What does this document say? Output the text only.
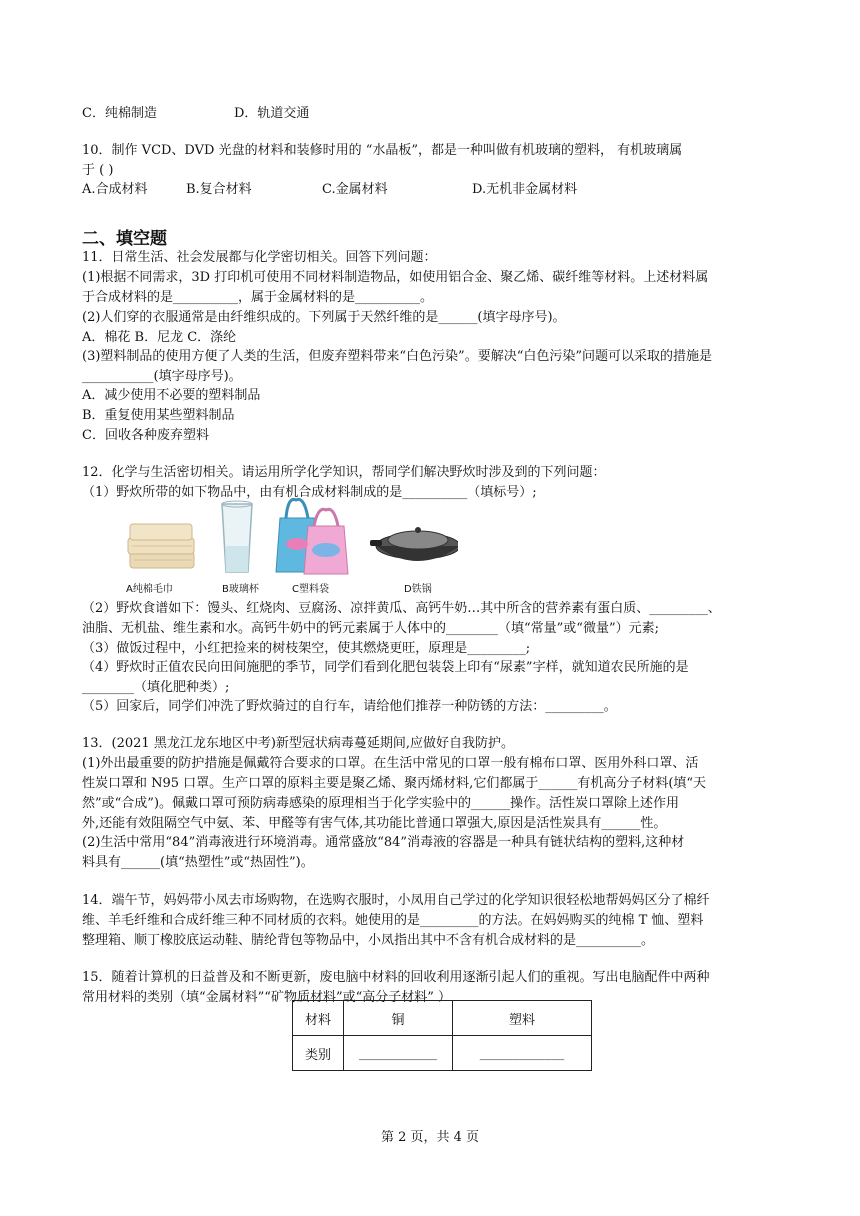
C．纯棉制造	D．轨道交通
10．制作 VCD、DVD 光盘的材料和装修时用的 “水晶板”，都是一种叫做有机玻璃的塑料， 有机玻璃属
于 ( )
A.合成材料	B.复合材料	C.金属材料	D.无机非金属材料
二、填空题
11．日常生活、社会发展都与化学密切相关。回答下列问题：
(1)根据不同需求，3D 打印机可使用不同材料制造物品，如使用铝合金、聚乙烯、碳纤维等材料。上述材料属
于合成材料的是__________，属于金属材料的是__________。
(2)人们穿的衣服通常是由纤维织成的。下列属于天然纤维的是______(填字母序号)。
A．棉花 B．尼龙 C．涤纶
(3)塑料制品的使用方便了人类的生活，但废弃塑料带来“白色污染”。要解决“白色污染”问题可以采取的措施是
___________(填字母序号)。
A．减少使用不必要的塑料制品
B．重复使用某些塑料制品
C．回收各种废弃塑料
12．化学与生活密切相关。请运用所学化学知识，帮同学们解决野炊时涉及到的下列问题：
（1）野炊所带的如下物品中，由有机合成材料制成的是__________（填标号）;
A纯棉毛巾	B玻璃杯	C塑料袋	D铁锅
（2）野炊食谱如下：馒头、红烧肉、豆腐汤、凉拌黄瓜、高钙牛奶…其中所含的营养素有蛋白质、_________、
油脂、无机盐、维生素和水。高钙牛奶中的钙元素属于人体中的________（填“常量”或“微量”）元素;
（3）做饭过程中，小红把捡来的树枝架空，使其燃烧更旺，原理是_________;
（4）野炊时正值农民向田间施肥的季节，同学们看到化肥包装袋上印有“尿素”字样，就知道农民所施的是
________（填化肥种类）;
（5）回家后，同学们冲洗了野炊骑过的自行车，请给他们推荐一种防锈的方法：_________。
13．(2021 黑龙江龙东地区中考)新型冠状病毒蔓延期间,应做好自我防护。
(1)外出最重要的防护措施是佩戴符合要求的口罩。在生活中常见的口罩一般有棉布口罩、医用外科口罩、活
性炭口罩和 N95 口罩。生产口罩的原料主要是聚乙烯、聚丙烯材料,它们都属于______有机高分子材料(填“天
然”或“合成”)。佩戴口罩可预防病毒感染的原理相当于化学实验中的______操作。活性炭口罩除上述作用
外,还能有效阻隔空气中氨、苯、甲醛等有害气体,其功能比普通口罩强大,原因是活性炭具有______性。
(2)生活中常用“84”消毒液进行环境消毒。通常盛放“84”消毒液的容器是一种具有链状结构的塑料,这种材
料具有______(填“热塑性”或“热固性”)。
14．端午节，妈妈带小凤去市场购物，在选购衣服时，小凤用自己学过的化学知识很轻松地帮妈妈区分了棉纤
维、羊毛纤维和合成纤维三种不同材质的衣料。她使用的是_________的方法。在妈妈购买的纯棉 T 恤、塑料
整理箱、顺丁橡胶底运动鞋、腈纶背包等物品中，小凤指出其中不含有机合成材料的是__________。
15．随着计算机的日益普及和不断更新，废电脑中材料的回收利用逐渐引起人们的重视。写出电脑配件中两种
常用材料的类别（填“金属材料”“矿物质材料”或“高分子材料” ）
材料	铜	塑料
类别	____________	_____________
第 2 页，共 4 页
